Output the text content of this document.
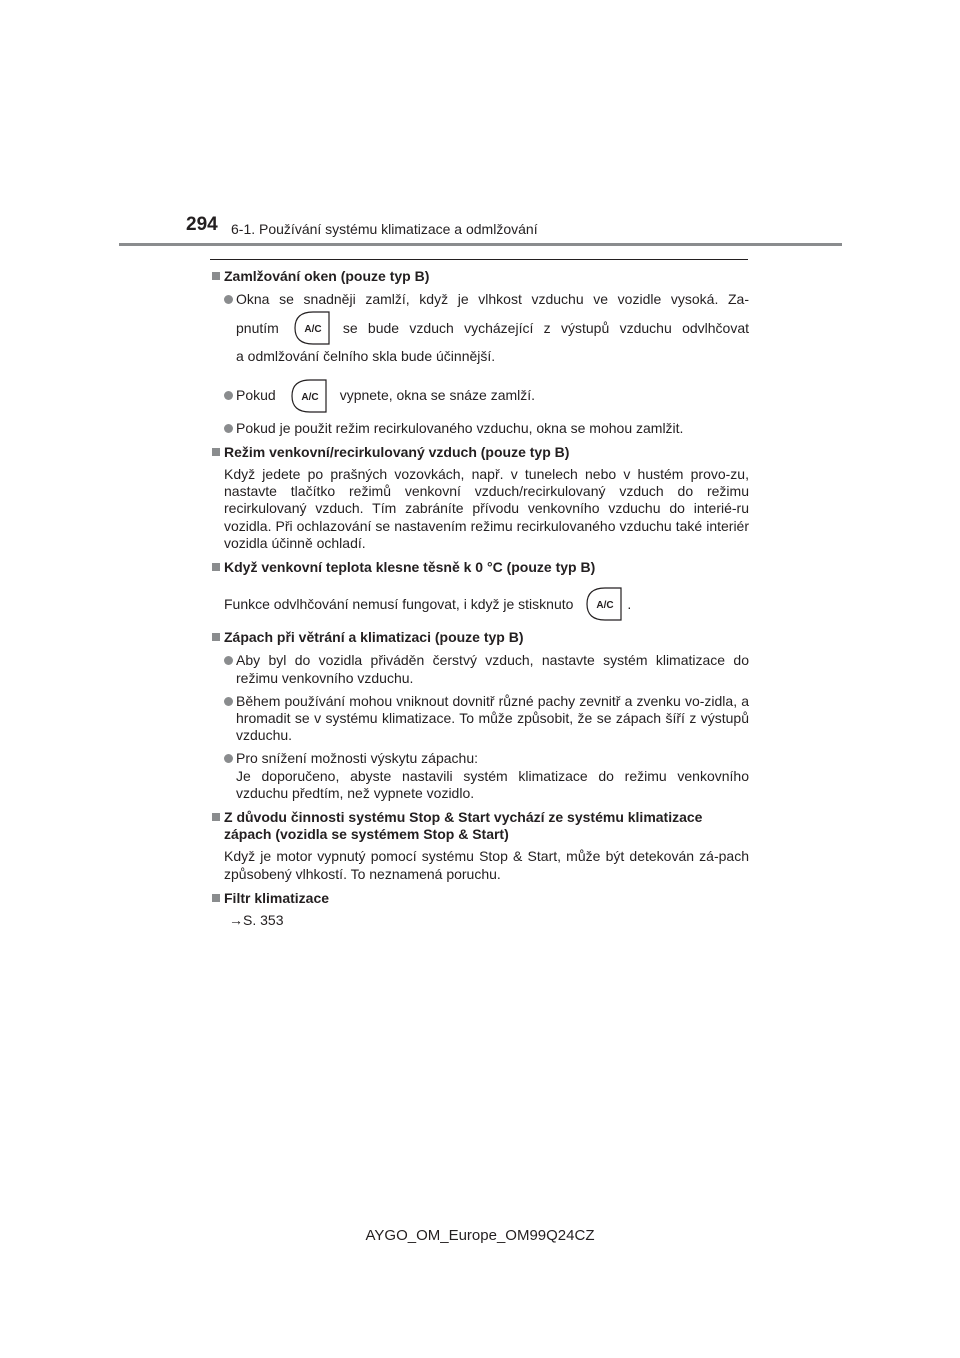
294 6-1. Používání systému klimatizace a odmlžování
Zamlžování oken (pouze typ B)
Okna se snadněji zamlží, když je vlhkost vzduchu ve vozidle vysoká. Za-
pnutím	A/C se bude vzduch vycházející z výstupů vzduchu odvlhčovat
a odmlžování čelního skla bude účinnější.
Pokud	A/C vypnete, okna se snáze zamlží.
Pokud je použit režim recirkulovaného vzduchu, okna se mohou zamlžit.
Režim venkovní/recirkulovaný vzduch (pouze typ B)
Když jedete po prašných vozovkách, např. v tunelech nebo v hustém provo-zu, nastavte tlačítko režimů venkovní vzduch/recirkulovaný vzduch do režimu recirkulovaný vzduch. Tím zabráníte přívodu venkovního vzduchu do interié-ru vozidla. Při ochlazování se nastavením režimu recirkulovaného vzduchu také interiér vozidla účinně ochladí.
Když venkovní teplota klesne těsně k 0 °C (pouze typ B)
Funkce odvlhčování nemusí fungovat, i když je stisknuto A/C .
Zápach při větrání a klimatizaci (pouze typ B)
Aby byl do vozidla přiváděn čerstvý vzduch, nastavte systém klimatizace do režimu venkovního vzduchu.
Během používání mohou vniknout dovnitř různé pachy zevnitř a zvenku vo-zidla, a hromadit se v systému klimatizace. To může způsobit, že se zápach šíří z výstupů vzduchu.
Pro snížení možnosti výskytu zápachu:
Je doporučeno, abyste nastavili systém klimatizace do režimu venkovního vzduchu předtím, než vypnete vozidlo.
Z důvodu činnosti systému Stop & Start vychází ze systému klimatizace zápach (vozidla se systémem Stop & Start)
Když je motor vypnutý pomocí systému Stop & Start, může být detekován zá-pach způsobený vlhkostí. To neznamená poruchu.
Filtr klimatizace
→S. 353
AYGO_OM_Europe_OM99Q24CZ
